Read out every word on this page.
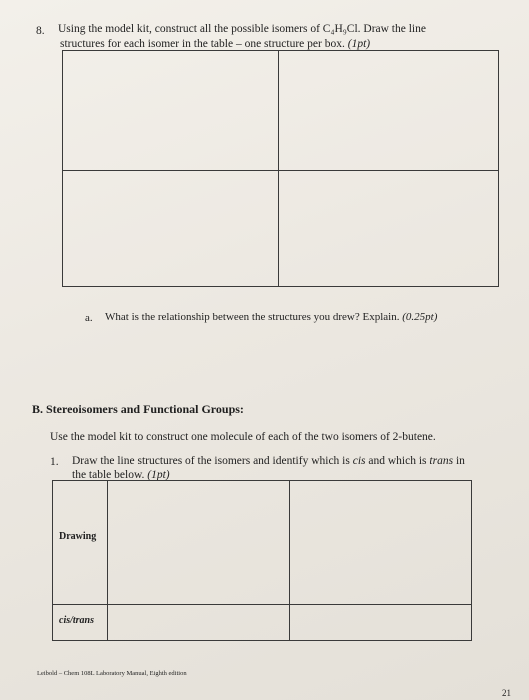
8. Using the model kit, construct all the possible isomers of C₄H₉Cl. Draw the line
structures for each isomer in the table – one structure per box. (1pt)
a. What is the relationship between the structures you drew? Explain. (0.25pt)
B. Stereoisomers and Functional Groups:
Use the model kit to construct one molecule of each of the two isomers of 2-butene.
1. Draw the line structures of the isomers and identify which is cis and which is trans in
the table below. (1pt)
Drawing
cis/trans
Leibold – Chem 108L Laboratory Manual, Eighth edition
21
